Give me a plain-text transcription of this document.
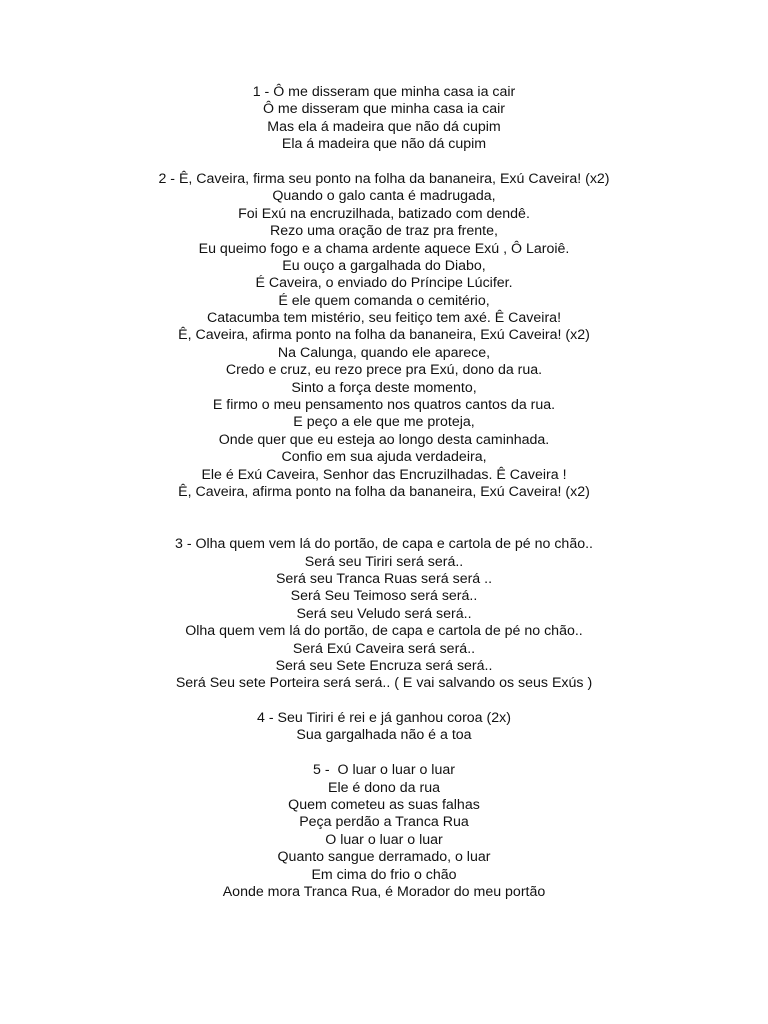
1 - Ô me disseram que minha casa ia cair
Ô me disseram que minha casa ia cair
Mas ela á madeira que não dá cupim
Ela á madeira que não dá cupim
2 - Ê, Caveira, firma seu ponto na folha da bananeira, Exú Caveira! (x2)
Quando o galo canta é madrugada,
Foi Exú na encruzilhada, batizado com dendê.
Rezo uma oração de traz pra frente,
Eu queimo fogo e a chama ardente aquece Exú , Ô Laroiê.
Eu ouço a gargalhada do Diabo,
É Caveira, o enviado do Príncipe Lúcifer.
É ele quem comanda o cemitério,
Catacumba tem mistério, seu feitiço tem axé. Ê Caveira!
Ê, Caveira, afirma ponto na folha da bananeira, Exú Caveira! (x2)
Na Calunga, quando ele aparece,
Credo e cruz, eu rezo prece pra Exú, dono da rua.
Sinto a força deste momento,
E firmo o meu pensamento nos quatros cantos da rua.
E peço a ele que me proteja,
Onde quer que eu esteja ao longo desta caminhada.
Confio em sua ajuda verdadeira,
Ele é Exú Caveira, Senhor das Encruzilhadas. Ê Caveira !
Ê, Caveira, afirma ponto na folha da bananeira, Exú Caveira! (x2)
3 - Olha quem vem lá do portão, de capa e cartola de pé no chão..
Será seu Tiriri será será..
Será seu Tranca Ruas será será ..
Será Seu Teimoso será será..
Será seu Veludo será será..
Olha quem vem lá do portão, de capa e cartola de pé no chão..
Será Exú Caveira será será..
Será seu Sete Encruza será será..
Será Seu sete Porteira será será.. ( E vai salvando os seus Exús )
4 - Seu Tiriri é rei e já ganhou coroa (2x)
Sua gargalhada não é a toa
5 -  O luar o luar o luar
Ele é dono da rua
Quem cometeu as suas falhas
Peça perdão a Tranca Rua
O luar o luar o luar
Quanto sangue derramado, o luar
Em cima do frio o chão
Aonde mora Tranca Rua, é Morador do meu portão
